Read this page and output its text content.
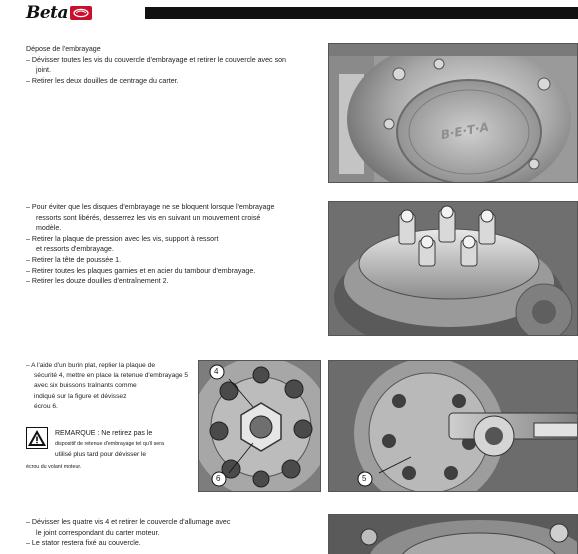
Beta
Dépose de l'embrayage
– Dévisser toutes les vis du couvercle d'embrayage et retirer le couvercle avec son
joint.
– Retirer les deux douilles de centrage du carter.
B·E·T·A
– Pour éviter que les disques d'embrayage ne se bloquent lorsque l'embrayage
ressorts sont libérés, desserrez les vis en suivant un mouvement croisé
modèle.
– Retirer la plaque de pression avec les vis, support à ressort
et ressorts d'embrayage.
– Retirer la tête de poussée 1.
– Retirer toutes les plaques garnies et en acier du tambour d'embrayage.
– Retirer les douze douilles d'entraînement 2.
– A l'aide d'un burin plat, replier la plaque de
sécurité 4, mettre en place la retenue d'embrayage 5
avec six buissons traînants comme
indiqué sur la figure et dévissez
écrou 6.
REMARQUE : Ne retirez pas le
dispositif de retenue d'embrayage tel qu'il sera
utilisé plus tard pour dévisser le
écrou du volant moteur.
4
6	5
– Dévisser les quatre vis 4 et retirer le couvercle d'allumage avec
le joint correspondant du carter moteur.
– Le stator restera fixé au couvercle.
